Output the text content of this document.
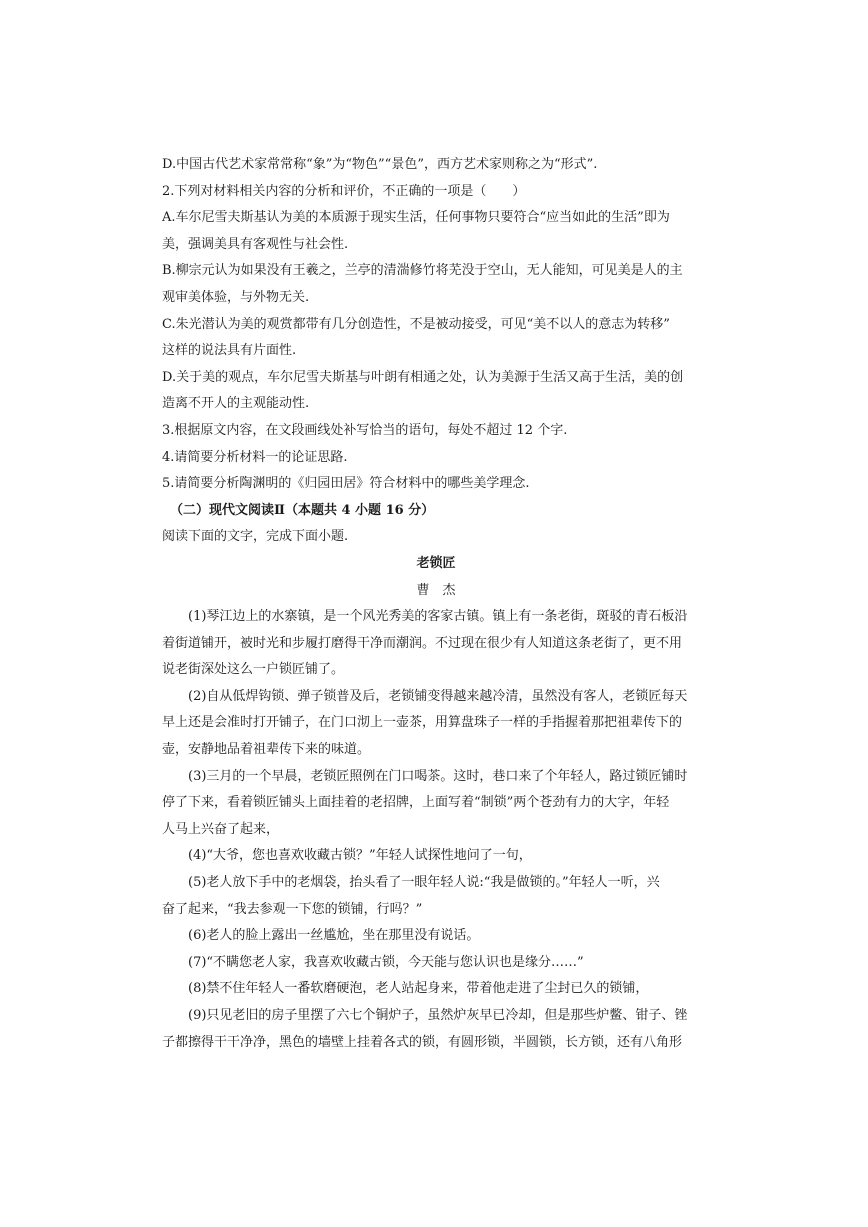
D.中国古代艺术家常常称“象”为“物色”“景色”，西方艺术家则称之为“形式”.
2.下列对材料相关内容的分析和评价，不正确的一项是（　　）
A.车尔尼雪夫斯基认为美的本质源于现实生活，任何事物只要符合“应当如此的生活”即为
美，强调美具有客观性与社会性.
B.柳宗元认为如果没有王羲之，兰亭的清湍修竹将芜没于空山，无人能知，可见美是人的主
观审美体验，与外物无关.
C.朱光潜认为美的观赏都带有几分创造性，不是被动接受，可见“美不以人的意志为转移”
这样的说法具有片面性.
D.关于美的观点，车尔尼雪夫斯基与叶朗有相通之处，认为美源于生活又高于生活，美的创
造离不开人的主观能动性.
3.根据原文内容，在文段画线处补写恰当的语句，每处不超过 12 个字.
4.请简要分析材料一的论证思路.
5.请简要分析陶渊明的《归园田居》符合材料中的哪些美学理念.
（二）现代文阅读Ⅱ（本题共 4 小题 16 分）
阅读下面的文字，完成下面小题.
老锁匠
曹　杰
(1)琴江边上的水寨镇，是一个风光秀美的客家古镇。镇上有一条老街，斑驳的青石板沿
着街道铺开，被时光和步履打磨得干净而潮润。不过现在很少有人知道这条老街了，更不用
说老街深处这么一户锁匠铺了。
(2)自从低焊钩锁、弹子锁普及后，老锁铺变得越来越冷清，虽然没有客人，老锁匠每天
早上还是会准时打开铺子，在门口沏上一壶茶，用算盘珠子一样的手指握着那把祖辈传下的
壶，安静地品着祖辈传下来的味道。
(3)三月的一个早晨，老锁匠照例在门口喝茶。这时，巷口来了个年轻人，路过锁匠铺时
停了下来，看着锁匠铺头上面挂着的老招牌，上面写着“制锁”两个苍劲有力的大字，年轻
人马上兴奋了起来，
(4)“大爷，您也喜欢收藏古锁？”年轻人试探性地问了一句，
(5)老人放下手中的老烟袋，抬头看了一眼年轻人说:“我是做锁的。”年轻人一听，兴
奋了起来，“我去参观一下您的锁铺，行吗？”
(6)老人的脸上露出一丝尴尬，坐在那里没有说话。
(7)“不瞒您老人家，我喜欢收藏古锁，今天能与您认识也是缘分……”
(8)禁不住年轻人一番软磨硬泡，老人站起身来，带着他走进了尘封已久的锁铺，
(9)只见老旧的房子里摆了六七个铜炉子，虽然炉灰早已冷却，但是那些炉鳖、钳子、锉
子都擦得干干净净，黑色的墙壁上挂着各式的锁，有圆形锁，半圆锁，长方锁，还有八角形
